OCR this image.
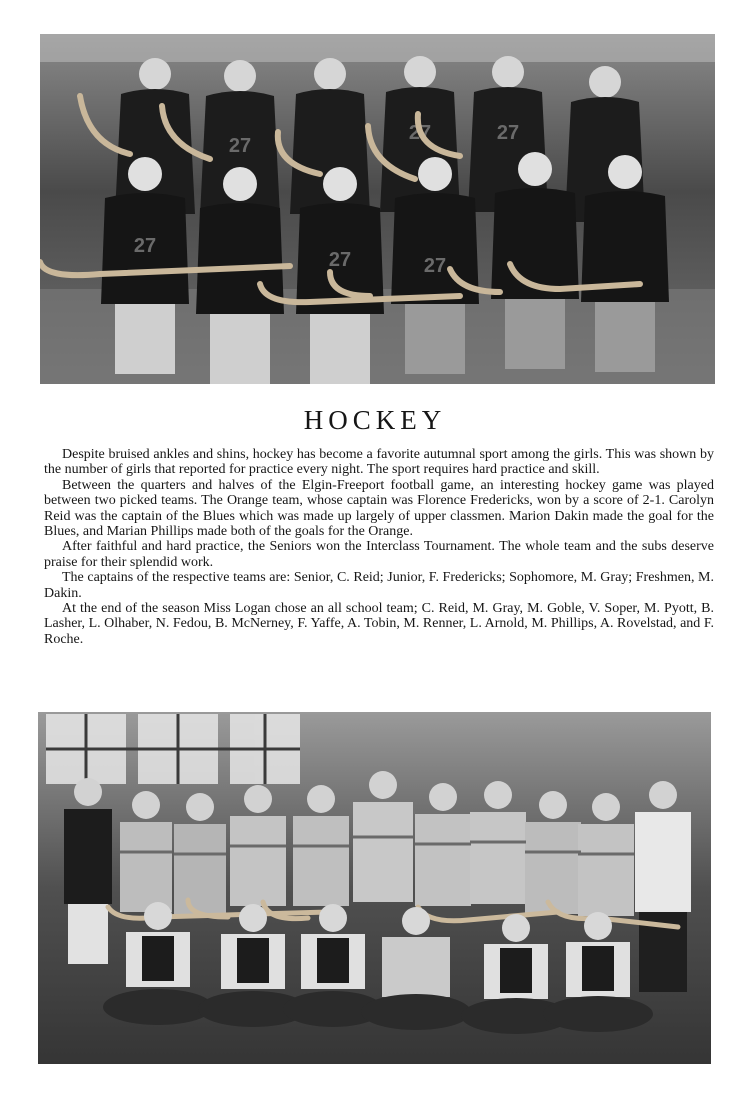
27
27	27
27
27	27
HOCKEY

Despite bruised ankles and shins, hockey has become a favorite autumnal sport among the girls. This was shown by the number of girls that reported for practice every night. The sport requires hard practice and skill.

Between the quarters and halves of the Elgin-Freeport football game, an interesting hockey game was played between two picked teams. The Orange team, whose captain was Florence Fredericks, won by a score of 2-1. Carolyn Reid was the captain of the Blues which was made up largely of upper classmen. Marion Dakin made the goal for the Blues, and Marian Phillips made both of the goals for the Orange.

After faithful and hard practice, the Seniors won the Interclass Tournament. The whole team and the subs deserve praise for their splendid work.

The captains of the respective teams are: Senior, C. Reid; Junior, F. Fredericks; Sophomore, M. Gray; Freshmen, M. Dakin.

At the end of the season Miss Logan chose an all school team; C. Reid, M. Gray, M. Goble, V. Soper, M. Pyott, B. Lasher, L. Olhaber, N. Fedou, B. McNerney, F. Yaffe, A. Tobin, M. Renner, L. Arnold, M. Phillips, A. Rovelstad, and F. Roche.
